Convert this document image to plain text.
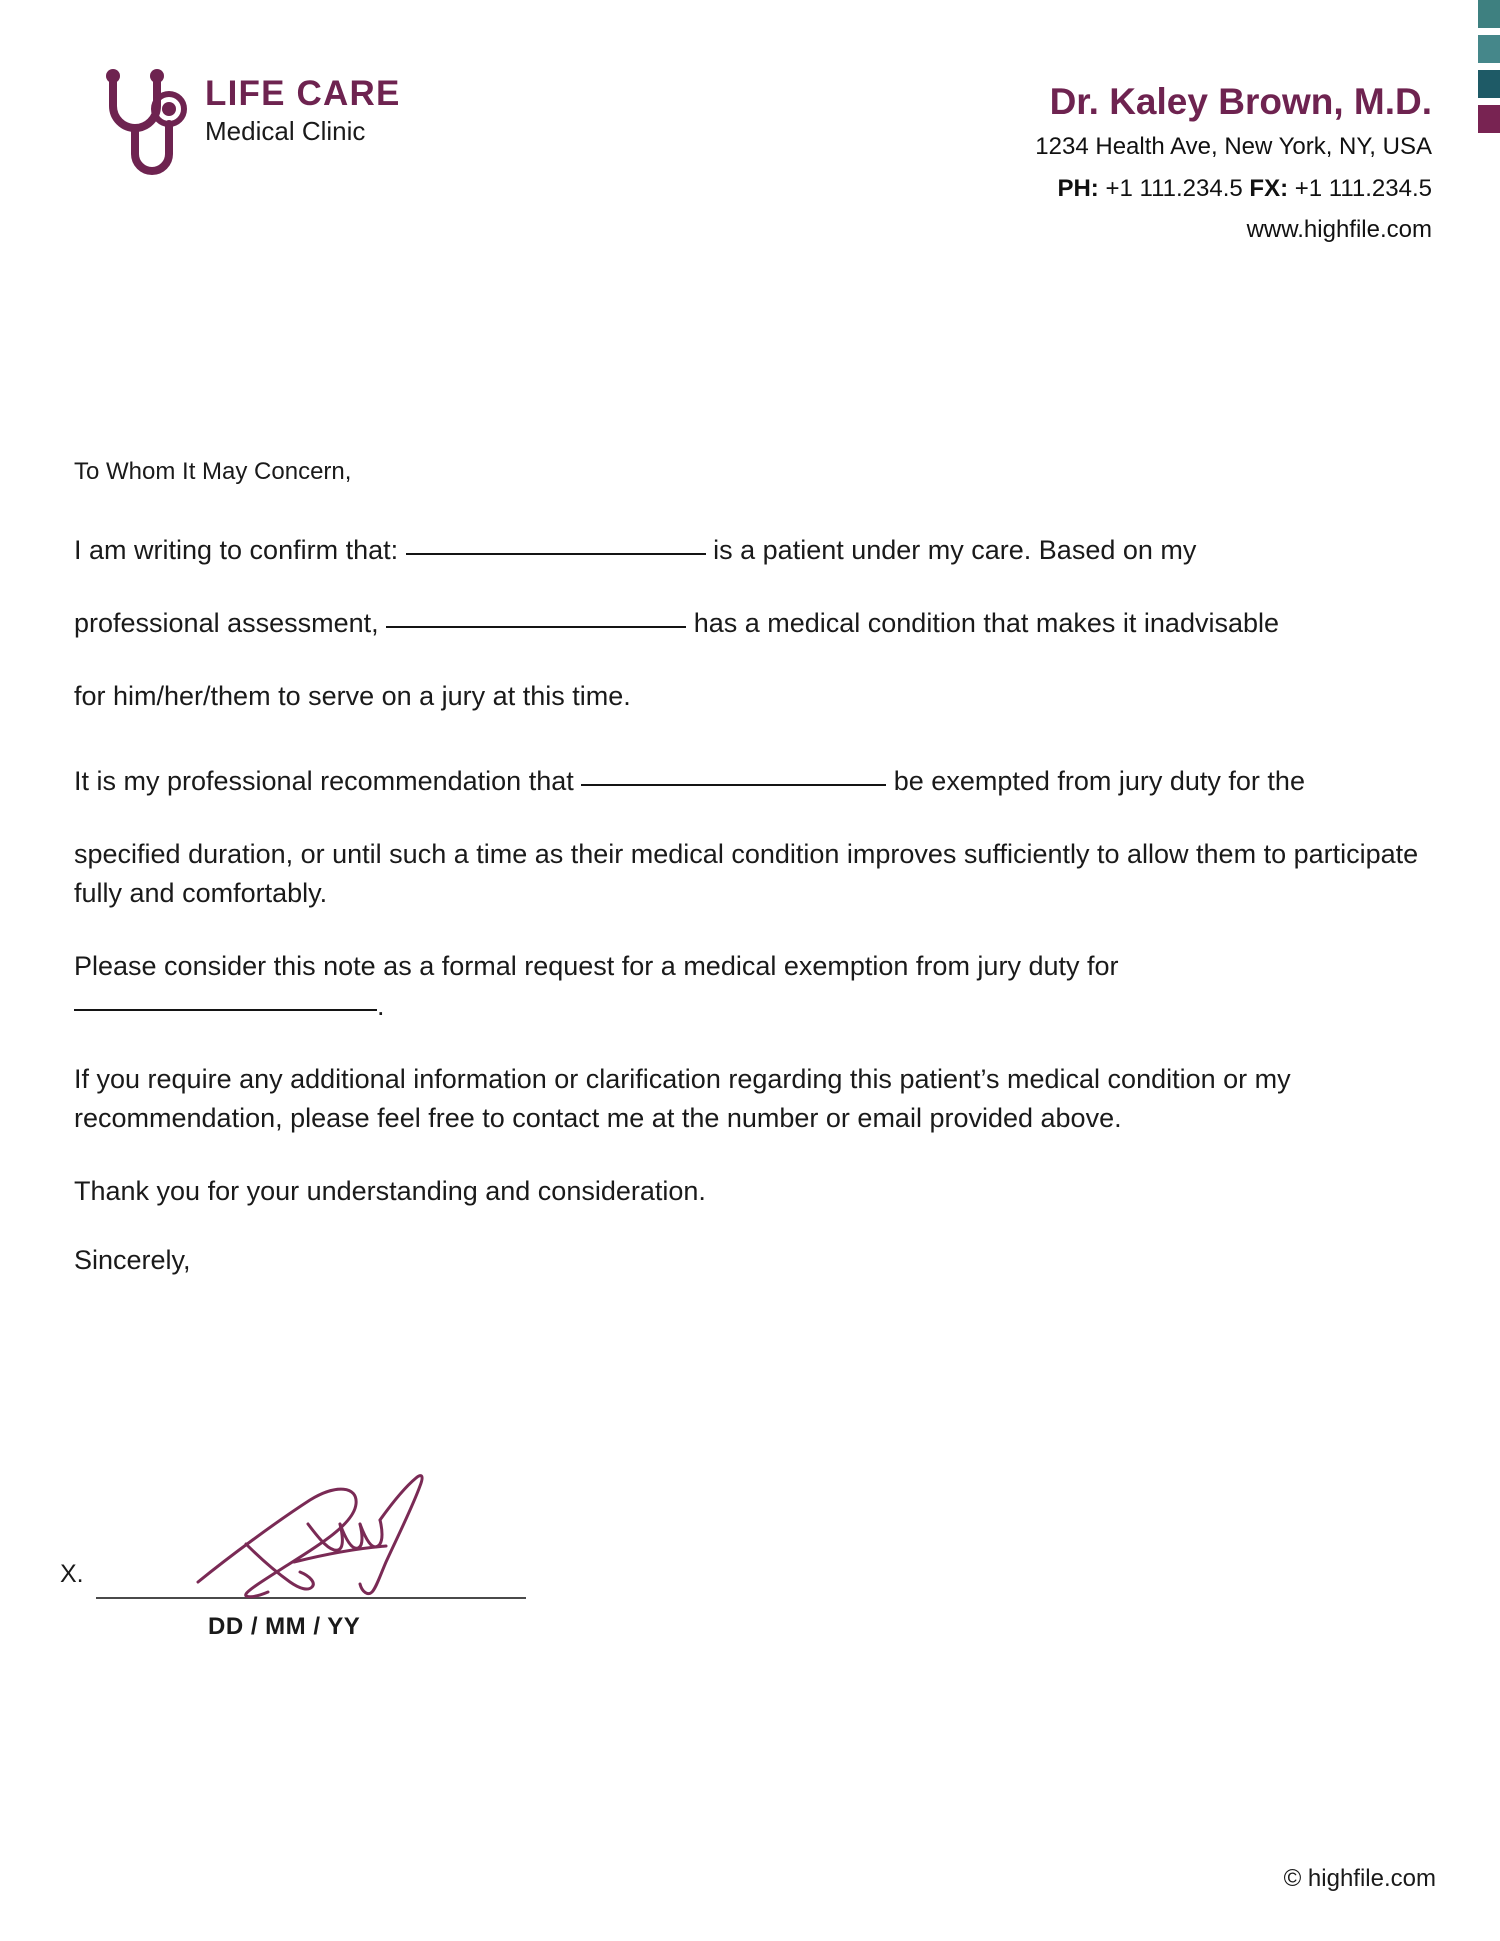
LIFE CARE
Medical Clinic
Dr. Kaley Brown, M.D.
1234 Health Ave, New York, NY, USA
PH: +1 111.234.5 FX: +1 111.234.5
www.highfile.com
To Whom It May Concern,
I am writing to confirm that:	is a patient under my care. Based on my
professional assessment,	has a medical condition that makes it inadvisable
for him/her/them to serve on a jury at this time.
It is my professional recommendation that	be exempted from jury duty for the
specified duration, or until such a time as their medical condition improves sufficiently to allow them to participate fully and comfortably.
Please consider this note as a formal request for a medical exemption from jury duty for .
If you require any additional information or clarification regarding this patient’s medical condition or my recommendation, please feel free to contact me at the number or email provided above.
Thank you for your understanding and consideration.
Sincerely,
X.
DD / MM / YY
© highfile.com
